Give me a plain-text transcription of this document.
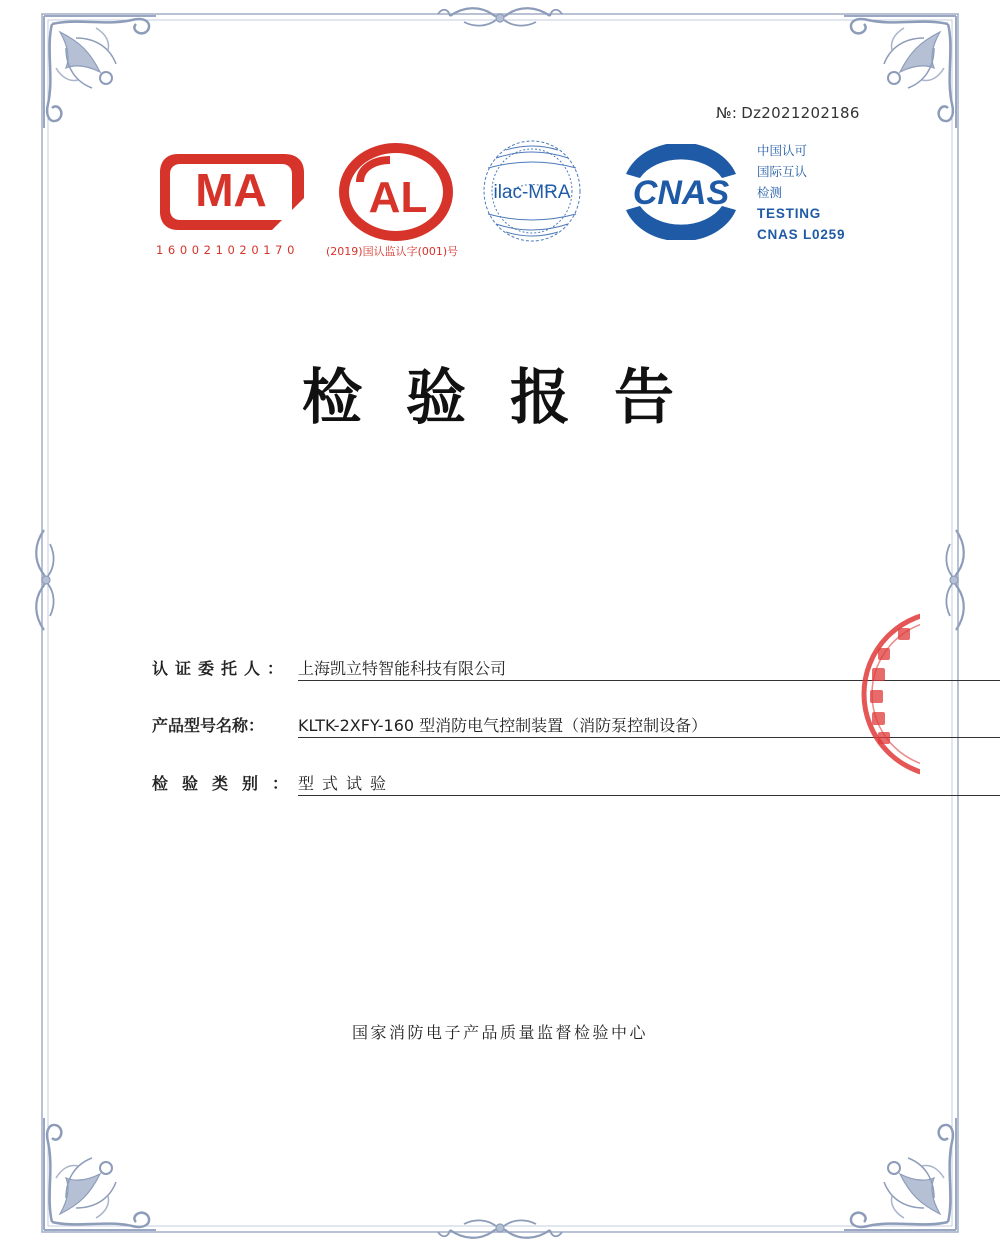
№: Dz2021202186
MA
160021020170
AL
(2019)国认监认字(001)号
ilac-MRA CNAS
中国认可
国际互认
检测
TESTING
CNAS L0259
检验报告
认证委托人： 上海凯立特智能科技有限公司
产品型号名称： KLTK-2XFY-160 型消防电气控制装置（消防泵控制设备）
检验类别：
型式试验
国家消防电子产品质量监督检验中心
